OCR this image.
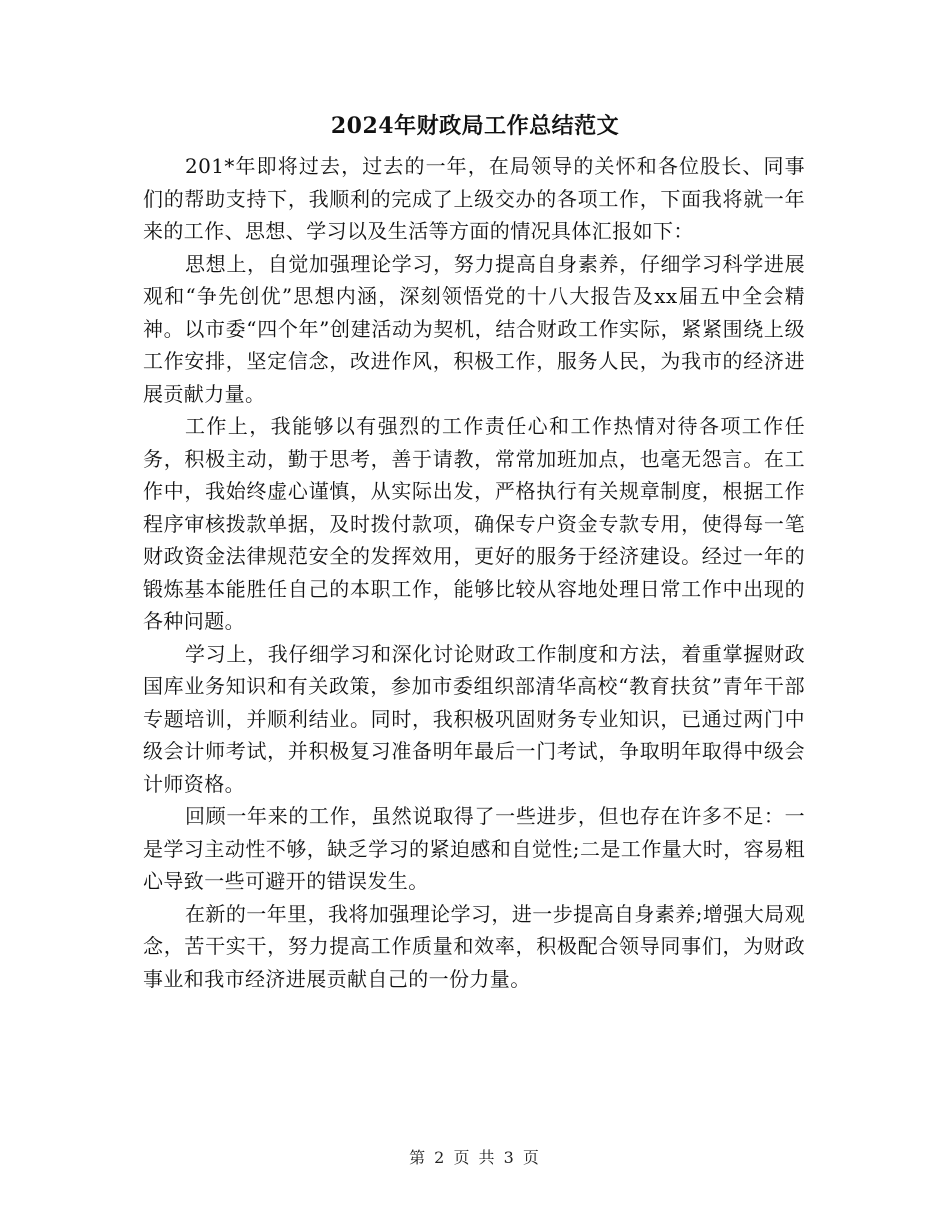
2024年财政局工作总结范文

201*年即将过去，过去的一年，在局领导的关怀和各位股长、同事们的帮助支持下，我顺利的完成了上级交办的各项工作，下面我将就一年来的工作、思想、学习以及生活等方面的情况具体汇报如下：

思想上，自觉加强理论学习，努力提高自身素养，仔细学习科学进展观和“争先创优”思想内涵，深刻领悟党的十八大报告及xx届五中全会精神。以市委“四个年”创建活动为契机，结合财政工作实际，紧紧围绕上级工作安排，坚定信念，改进作风，积极工作，服务人民，为我市的经济进展贡献力量。

工作上，我能够以有强烈的工作责任心和工作热情对待各项工作任务，积极主动，勤于思考，善于请教，常常加班加点，也毫无怨言。在工作中，我始终虚心谨慎，从实际出发，严格执行有关规章制度，根据工作程序审核拨款单据，及时拨付款项，确保专户资金专款专用，使得每一笔财政资金法律规范安全的发挥效用，更好的服务于经济建设。经过一年的锻炼基本能胜任自己的本职工作，能够比较从容地处理日常工作中出现的各种问题。

学习上，我仔细学习和深化讨论财政工作制度和方法，着重掌握财政国库业务知识和有关政策，参加市委组织部清华高校“教育扶贫”青年干部专题培训，并顺利结业。同时，我积极巩固财务专业知识，已通过两门中级会计师考试，并积极复习准备明年最后一门考试，争取明年取得中级会计师资格。

回顾一年来的工作，虽然说取得了一些进步，但也存在许多不足：一是学习主动性不够，缺乏学习的紧迫感和自觉性;二是工作量大时，容易粗心导致一些可避开的错误发生。

在新的一年里，我将加强理论学习，进一步提高自身素养;增强大局观念，苦干实干，努力提高工作质量和效率，积极配合领导同事们，为财政事业和我市经济进展贡献自己的一份力量。

第 2 页 共 3 页
